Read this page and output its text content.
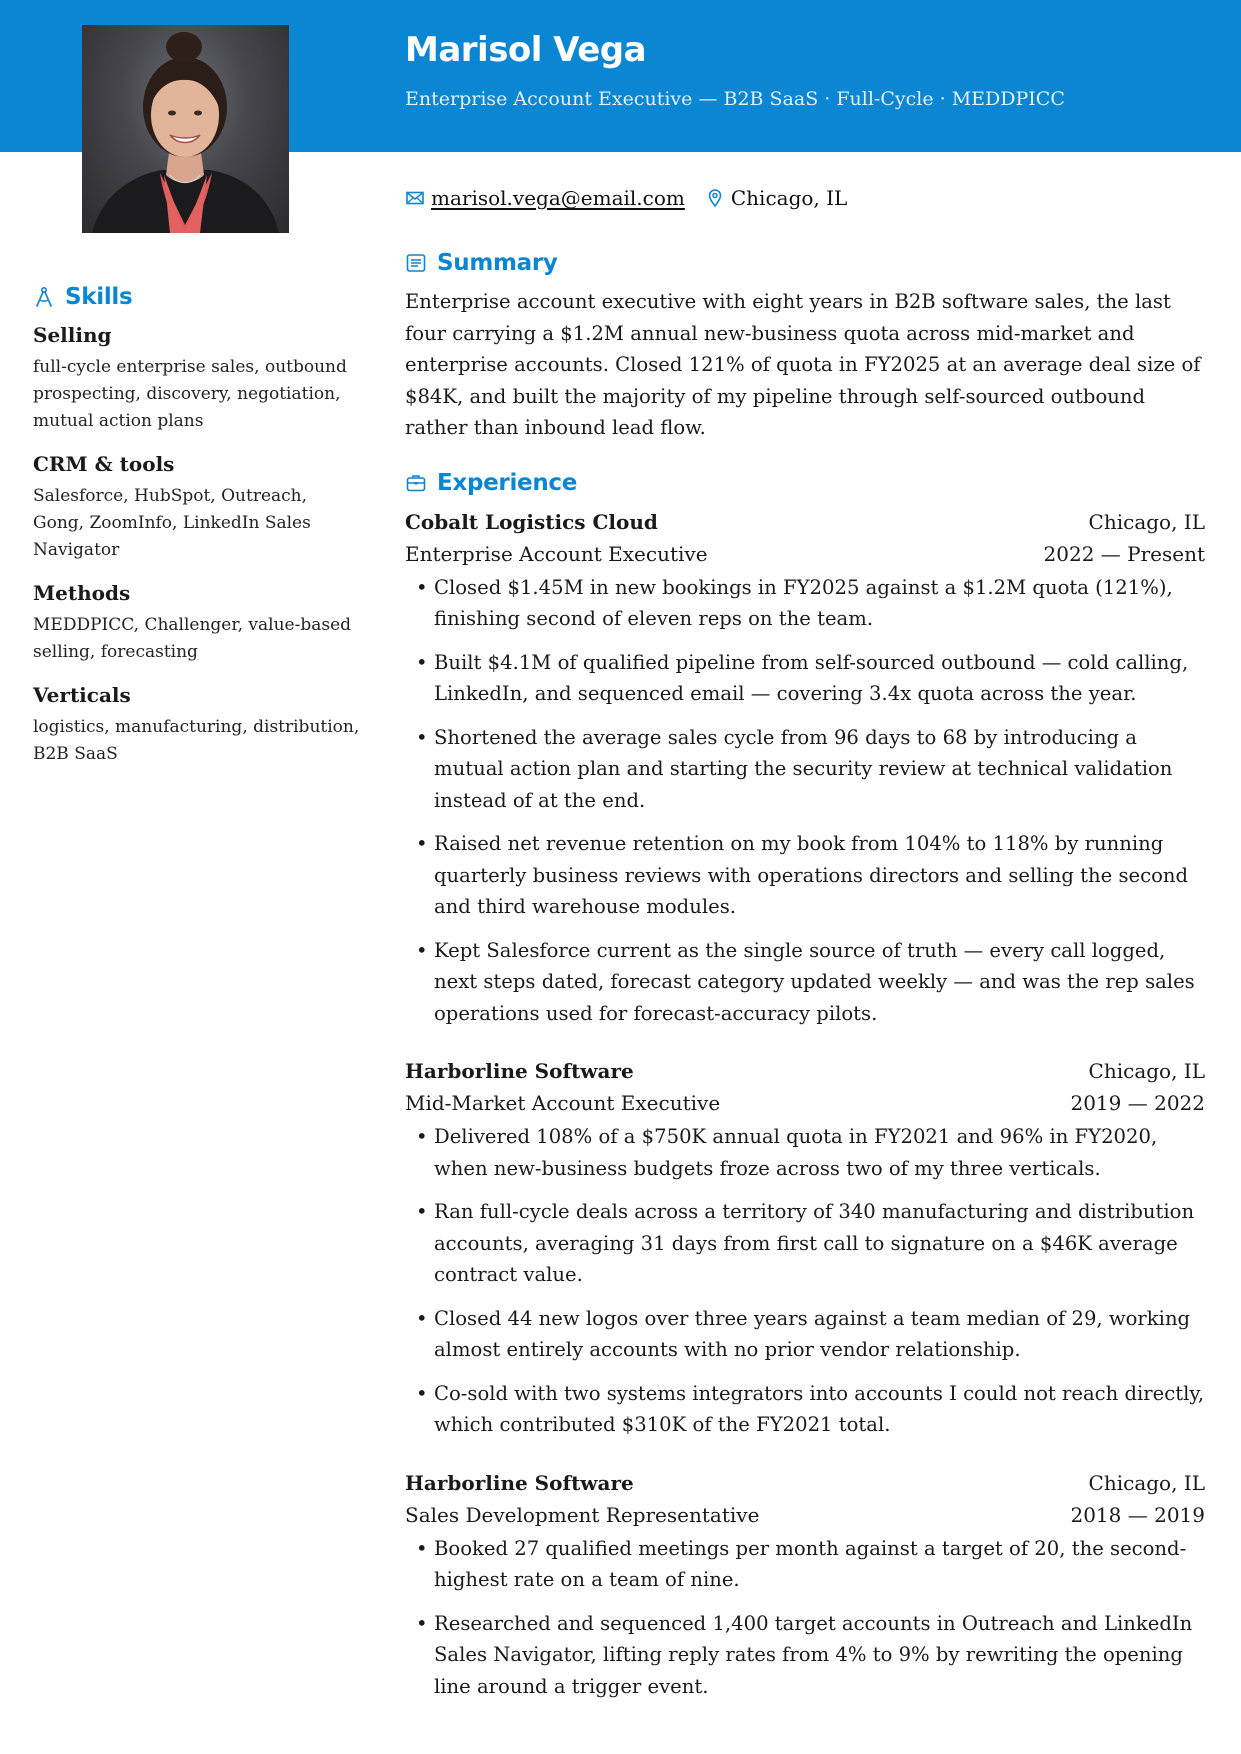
Marisol Vega
Enterprise Account Executive — B2B SaaS · Full-Cycle · MEDDPICC
marisol.vega@email.com Chicago, IL
Skills
Selling

full-cycle enterprise sales, outbound prospecting, discovery, negotiation, mutual action plans

CRM & tools

Salesforce, HubSpot, Outreach, Gong, ZoomInfo, LinkedIn Sales Navigator

Methods

MEDDPICC, Challenger, value-based selling, forecasting

Verticals

logistics, manufacturing, distribution, B2B SaaS

Summary

Enterprise account executive with eight years in B2B software sales, the last four carrying a $1.2M annual new-business quota across mid-market and enterprise accounts. Closed 121% of quota in FY2025 at an average deal size of $84K, and built the majority of my pipeline through self-sourced outbound rather than inbound lead flow.

Experience
Cobalt Logistics Cloud	Chicago, IL
Enterprise Account Executive	2022 — Present
• Closed $1.45M in new bookings in FY2025 against a $1.2M quota (121%), finishing second of eleven reps on the team.
• Built $4.1M of qualified pipeline from self-sourced outbound — cold calling, LinkedIn, and sequenced email — covering 3.4x quota across the year.
• Shortened the average sales cycle from 96 days to 68 by introducing a mutual action plan and starting the security review at technical validation instead of at the end.
• Raised net revenue retention on my book from 104% to 118% by running quarterly business reviews with operations directors and selling the second and third warehouse modules.
• Kept Salesforce current as the single source of truth — every call logged, next steps dated, forecast category updated weekly — and was the rep sales operations used for forecast-accuracy pilots.
Harborline Software	Chicago, IL
Mid-Market Account Executive	2019 — 2022
• Delivered 108% of a $750K annual quota in FY2021 and 96% in FY2020, when new-business budgets froze across two of my three verticals.
• Ran full-cycle deals across a territory of 340 manufacturing and distribution accounts, averaging 31 days from first call to signature on a $46K average contract value.
• Closed 44 new logos over three years against a team median of 29, working almost entirely accounts with no prior vendor relationship.
• Co-sold with two systems integrators into accounts I could not reach directly, which contributed $310K of the FY2021 total.
Harborline Software	Chicago, IL
Sales Development Representative	2018 — 2019
• Booked 27 qualified meetings per month against a target of 20, the second-highest rate on a team of nine.
• Researched and sequenced 1,400 target accounts in Outreach and LinkedIn Sales Navigator, lifting reply rates from 4% to 9% by rewriting the opening line around a trigger event.
